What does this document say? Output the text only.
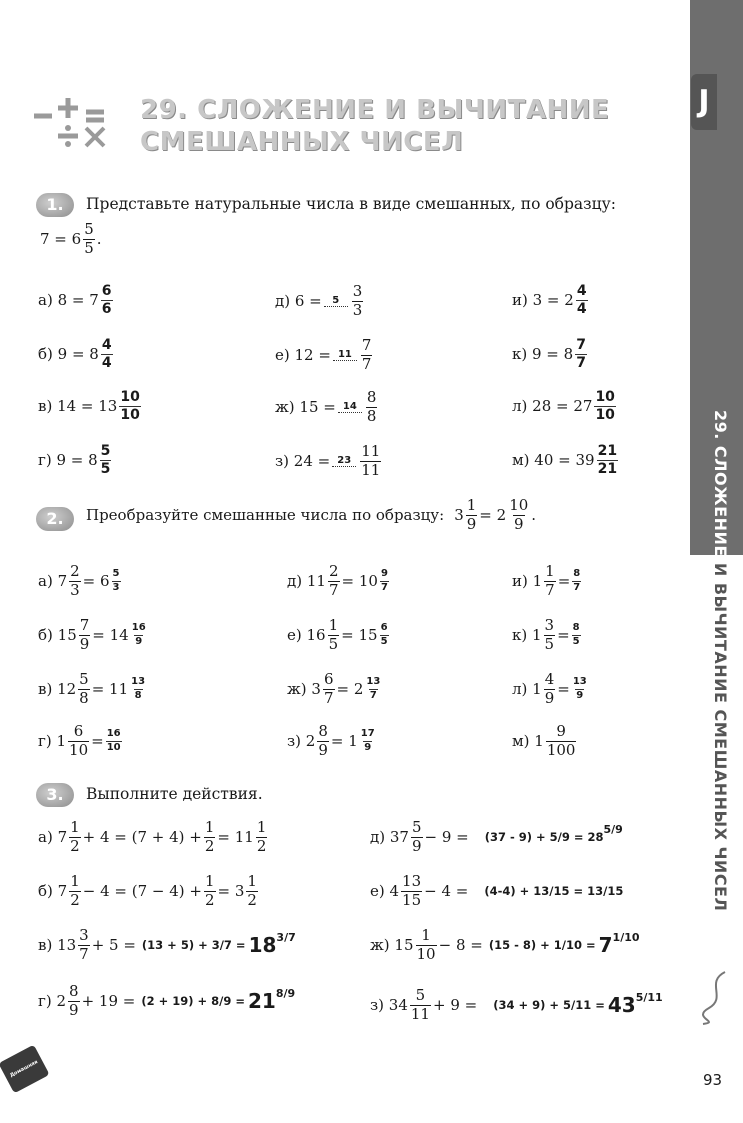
J
29. СЛОЖЕНИЕ И ВЫЧИТАНИЕ СМЕШАННЫХ ЧИСЕЛ
29. СЛОЖЕНИЕ И ВЫЧИТАНИЕ
СМЕШАННЫХ ЧИСЕЛ
1.	Представьте натуральные числа в виде смешанных, по образцу:
$7 = 6 \frac{5}{5}$ .
а) $8 = 7 \frac{6}{6}$	д) 6 =	$5 \frac{3}{3}$	и) $3 = 2 \frac{4}{4}$
б) $9 = 8 \frac{4}{4}$	е) $12 = 11 \frac{7}{7}$	к) $9 = 8 \frac{7}{7}$
в) $14 = 13 \frac{10}{10}$	ж) $15 = 14 \frac{8}{8}$	л) $28 = 27 \frac{10}{10}$
г) $9 = 8 \frac{5}{5}$	з) $24 = 23 \frac{11}{11}$	м) $40 = 39 \frac{21}{21}$
2.	Преобразуйте смешанные числа по образцу: $3 \frac{1}{9} = 2 \frac{10}{9}$ .
а) $7 \frac{2}{3} = 6 \frac{5}{3}$	д) $11 \frac{2}{7} = 10 \frac{9}{7}$	и) $1 \frac{1}{7} = \frac{8}{7}$
б) $15 \frac{7}{9} = 14 \frac{16}{9}$	е) $16 \frac{1}{5} = 15 \frac{6}{5}$	к) $1 \frac{3}{5} = \frac{8}{5}$
в) $12 \frac{5}{8} = 11 \frac{13}{8}$	ж) $3 \frac{6}{7} = 2 \frac{13}{7}$	л) $1 \frac{4}{9} = \frac{13}{9}$
г) $1 \frac{6}{10} = \frac{16}{10}$	з) $2 \frac{8}{9} = 1 \frac{17}{9}$	м) $1 \frac{9}{100}$
3.	Выполните действия.
а) $7 \frac{1}{2} + 4 = (7 + 4) + \frac{1}{2} = 11 \frac{1}{2}$
б) $7 \frac{1}{2} - 4 = (7 - 4) + \frac{1}{2} = 3 \frac{1}{2}$
в) $13 \frac{3}{7} + 5 = (13 + 5) + 3/7 = 18$ 3/7
г) $2 \frac{8}{9} + 19 = (2 + 19) + 8/9 = 21$ 8/9
д) $37 \frac{5}{9} - 9 = (37 - 9) + 5/9 = 28$
5/9
е) $4 \frac{13}{15} - 4 = (4-4) + 13/15 = 13/15$
ж) $15 \frac{1}{10} - 8 = (15 - 8) + 1/10 = 7$ 1/10
з) $34 \frac{5}{11} + 9 = (34 + 9) + 5/11 = 43$ 5/11
Домашняя работа
93
